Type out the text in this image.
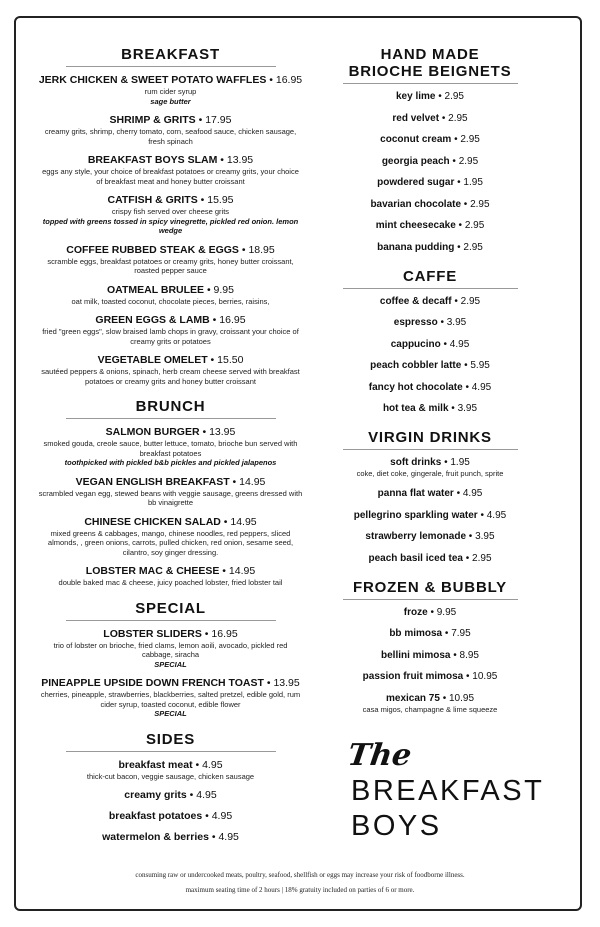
BREAKFAST
JERK CHICKEN & SWEET POTATO WAFFLES • 16.95
rum cider syrup
sage butter
SHRIMP & GRITS • 17.95
creamy grits, shrimp, cherry tomato, corn, seafood sauce, chicken sausage, fresh spinach
BREAKFAST BOYS SLAM • 13.95
eggs any style, your choice of breakfast potatoes or creamy grits, your choice of breakfast meat and honey butter croissant
CATFISH & GRITS • 15.95
crispy fish served over cheese grits
topped with greens tossed in spicy vinegrette, pickled red onion. lemon wedge
COFFEE RUBBED STEAK & EGGS • 18.95
scramble eggs, breakfast potatoes or creamy grits, honey butter croissant, roasted pepper sauce
OATMEAL BRULEE • 9.95
oat milk, toasted coconut, chocolate pieces, berries, raisins,
GREEN EGGS & LAMB • 16.95
fried "green eggs", slow braised lamb chops in gravy, croissant your choice of creamy grits or potatoes
VEGETABLE OMELET • 15.50
sautéed peppers & onions, spinach, herb cream cheese served with breakfast potatoes or creamy grits and honey butter croissant
BRUNCH
SALMON BURGER • 13.95
smoked gouda, creole sauce, butter lettuce, tomato, brioche bun served with breakfast potatoes
toothpicked with pickled b&b pickles and pickled jalapenos
VEGAN ENGLISH BREAKFAST • 14.95
scrambled vegan egg, stewed beans with veggie sausage, greens dressed with bb vinaigrette
CHINESE CHICKEN SALAD • 14.95
mixed greens & cabbages, mango, chinese noodles, red peppers, sliced almonds, , green onions, carrots, pulled chicken, red onion, sesame seed, cilantro, soy ginger dressing.
LOBSTER MAC & CHEESE • 14.95
double baked mac & cheese, juicy poached lobster, fried lobster tail
SPECIAL
LOBSTER SLIDERS • 16.95
trio of lobster on brioche, fried clams, lemon aoili, avocado, pickled red cabbage, siracha
SPECIAL
PINEAPPLE UPSIDE DOWN FRENCH TOAST • 13.95
cherries, pineapple, strawberries, blackberries, salted pretzel, edible gold, rum cider syrup, toasted coconut, edible flower
SPECIAL
SIDES
breakfast meat • 4.95
thick-cut bacon, veggie sausage, chicken sausage
creamy grits • 4.95
breakfast potatoes • 4.95
watermelon & berries • 4.95
HAND MADE BRIOCHE BEIGNETS
key lime • 2.95
red velvet • 2.95
coconut cream • 2.95
georgia peach • 2.95
powdered sugar • 1.95
bavarian chocolate • 2.95
mint cheesecake • 2.95
banana pudding • 2.95
CAFFE
coffee & decaff • 2.95
espresso • 3.95
cappucino • 4.95
peach cobbler latte • 5.95
fancy hot chocolate • 4.95
hot tea & milk • 3.95
VIRGIN DRINKS
soft drinks • 1.95
coke, diet coke, gingerale, fruit punch, sprite
panna flat water • 4.95
pellegrino sparkling water • 4.95
strawberry lemonade • 3.95
peach basil iced tea • 2.95
FROZEN & BUBBLY
froze • 9.95
bb mimosa • 7.95
bellini mimosa • 8.95
passion fruit mimosa • 10.95
mexican 75 • 10.95
casa migos, champagne & lime squeeze
The
BREAKFAST
BOYS
consuming raw or undercooked meats, poultry, seafood, shellfish or eggs may increase your risk of foodborne illness.
maximum seating time of 2 hours | 18% gratuity included on parties of 6 or more.
